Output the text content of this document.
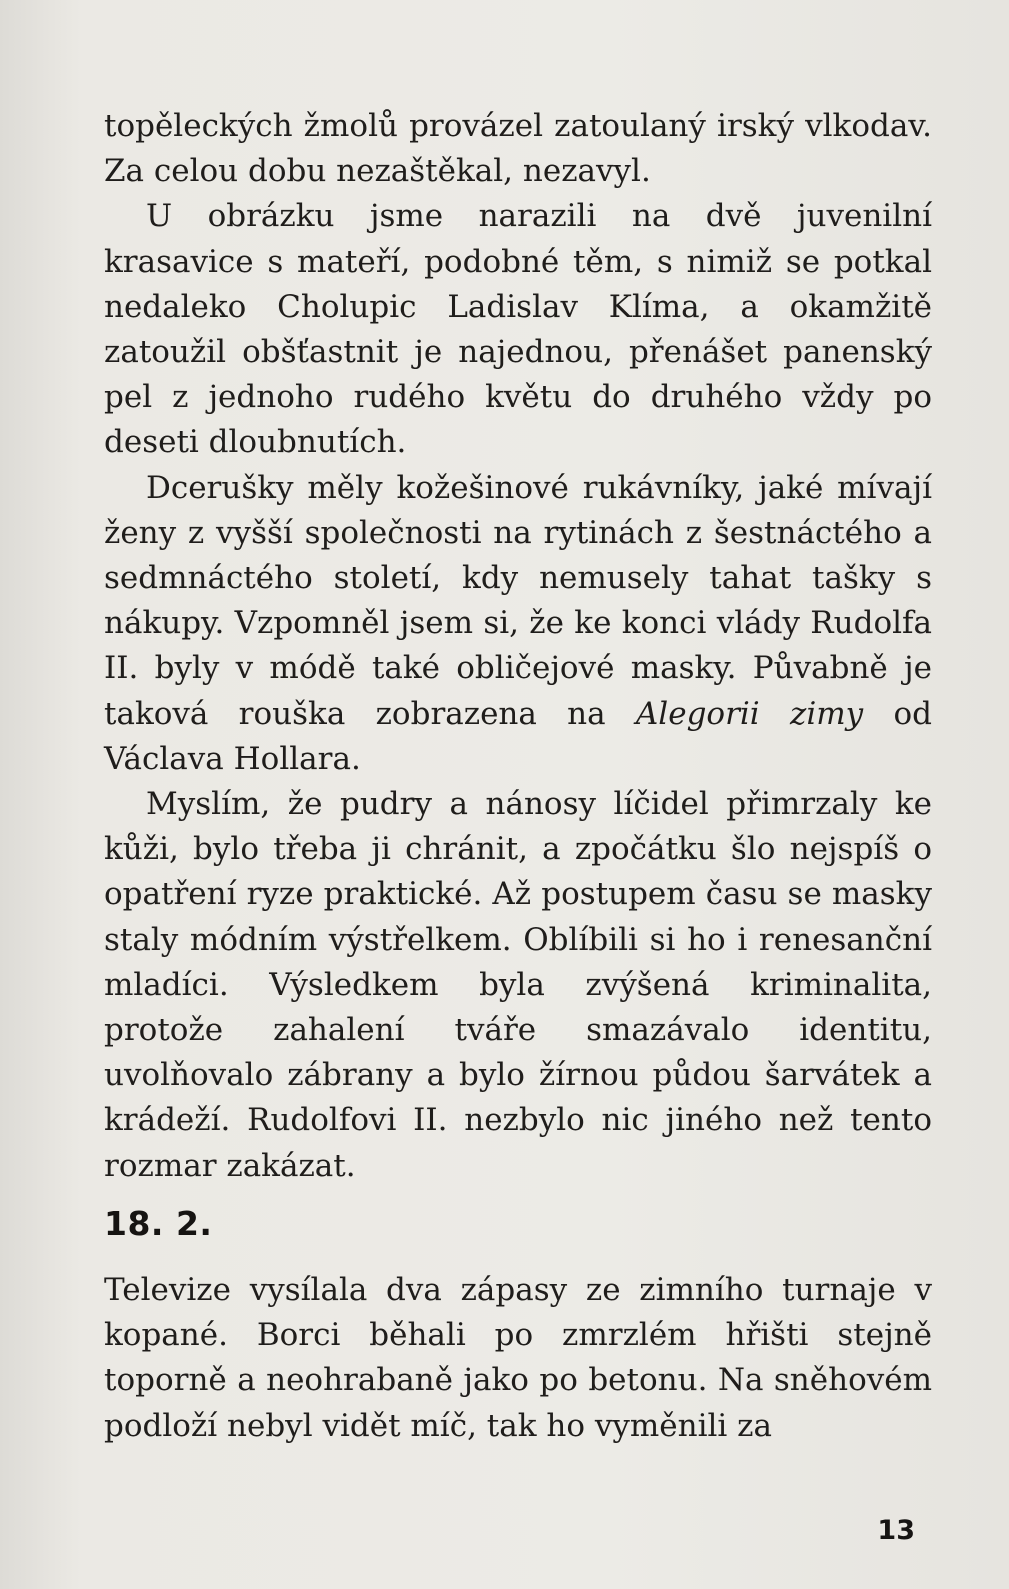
topěleckých žmolů provázel zatoulaný irský vlkodav. Za celou dobu nezaštěkal, nezavyl.

U obrázku jsme narazili na dvě juvenilní krasavice s mateří, podobné těm, s nimiž se potkal nedaleko Cholupic Ladislav Klíma, a okamžitě zatoužil obšťastnit je najednou, přenášet panenský pel z jednoho rudého květu do druhého vždy po deseti dloubnutích.

Dcerušky měly kožešinové rukávníky, jaké mívají ženy z vyšší společnosti na rytinách z šestnáctého a sedmnáctého století, kdy nemusely tahat tašky s nákupy. Vzpomněl jsem si, že ke konci vlády Rudolfa II. byly v módě také obličejové masky. Půvabně je taková rouška zobrazena na Alegorii zimy od Václava Hollara.

Myslím, že pudry a nánosy líčidel přimrzaly ke kůži, bylo třeba ji chránit, a zpočátku šlo nejspíš o opatření ryze praktické. Až postupem času se masky staly módním výstřelkem. Oblíbili si ho i renesanční mladíci. Výsledkem byla zvýšená kriminalita, protože zahalení tváře smazávalo identitu, uvolňovalo zábrany a bylo žírnou půdou šarvátek a krádeží. Rudolfovi II. nezbylo nic jiného než tento rozmar zakázat.

18. 2.

Televize vysílala dva zápasy ze zimního turnaje v kopané. Borci běhali po zmrzlém hřišti stejně toporně a neohrabaně jako po betonu. Na sněhovém podloží nebyl vidět míč, tak ho vyměnili za

13
